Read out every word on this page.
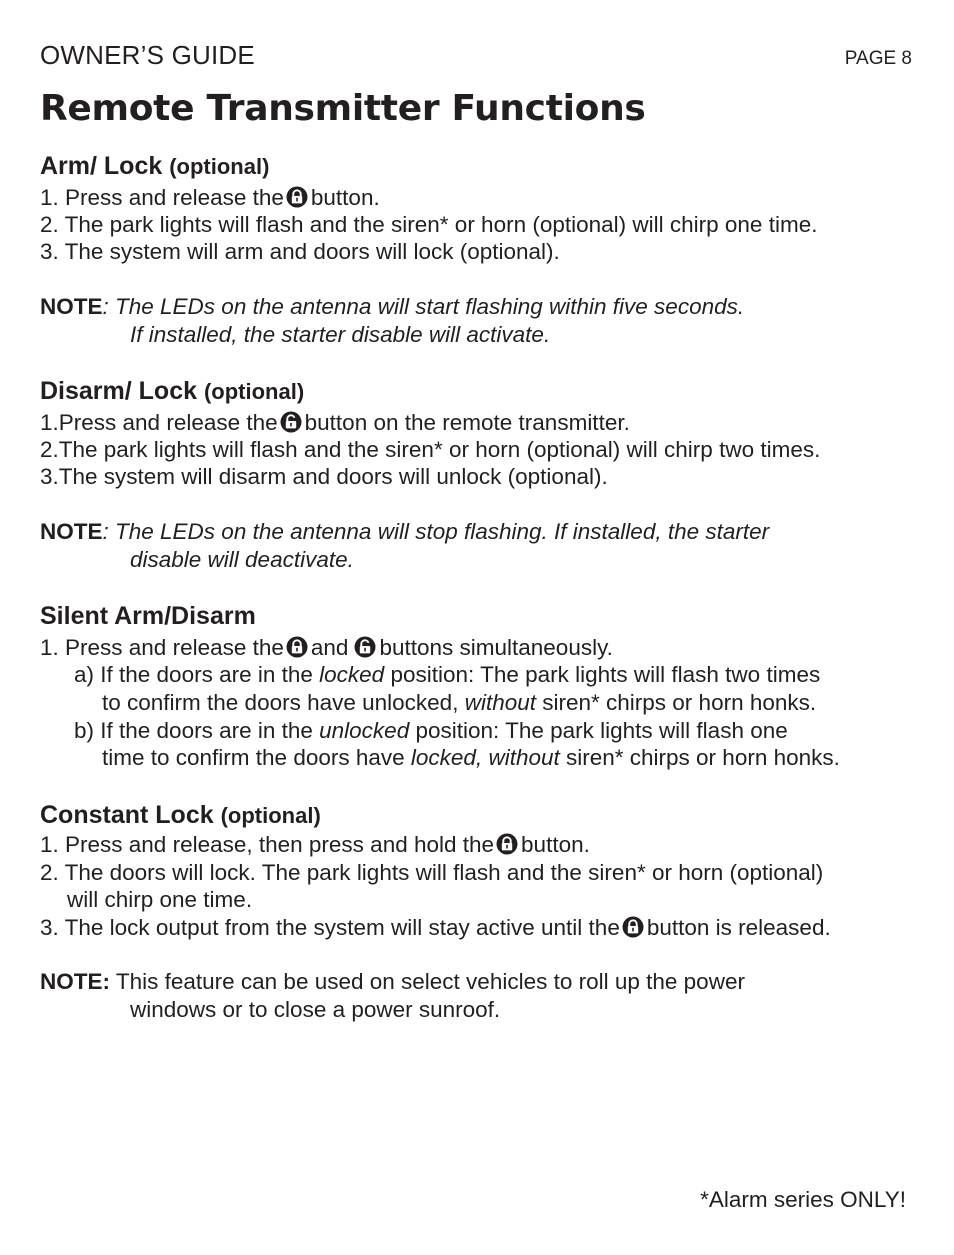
OWNER’S GUIDE	PAGE 8
Remote Transmitter Functions
Arm/ Lock (optional)
1. Press and release the button.
2. The park lights will flash and the siren* or horn (optional) will chirp one time.
3. The system will arm and doors will lock (optional).
NOTE: The LEDs on the antenna will start flashing within five seconds.
If installed, the starter disable will activate.
Disarm/ Lock (optional)
1.Press and release the button on the remote transmitter.
2.The park lights will flash and the siren* or horn (optional) will chirp two times.
3.The system will disarm and doors will unlock (optional).
NOTE: The LEDs on the antenna will stop flashing. If installed, the starter
disable will deactivate.
Silent Arm/Disarm
1. Press and release the and buttons simultaneously.
a) If the doors are in the locked position: The park lights will flash two times
to confirm the doors have unlocked, without siren* chirps or horn honks.
b) If the doors are in the unlocked position: The park lights will flash one
time to confirm the doors have locked, without siren* chirps or horn honks.
Constant Lock (optional)
1. Press and release, then press and hold the button.
2. The doors will lock. The park lights will flash and the siren* or horn (optional)
will chirp one time.
3. The lock output from the system will stay active until the button is released.
NOTE: This feature can be used on select vehicles to roll up the power
windows or to close a power sunroof.
*Alarm series ONLY!
